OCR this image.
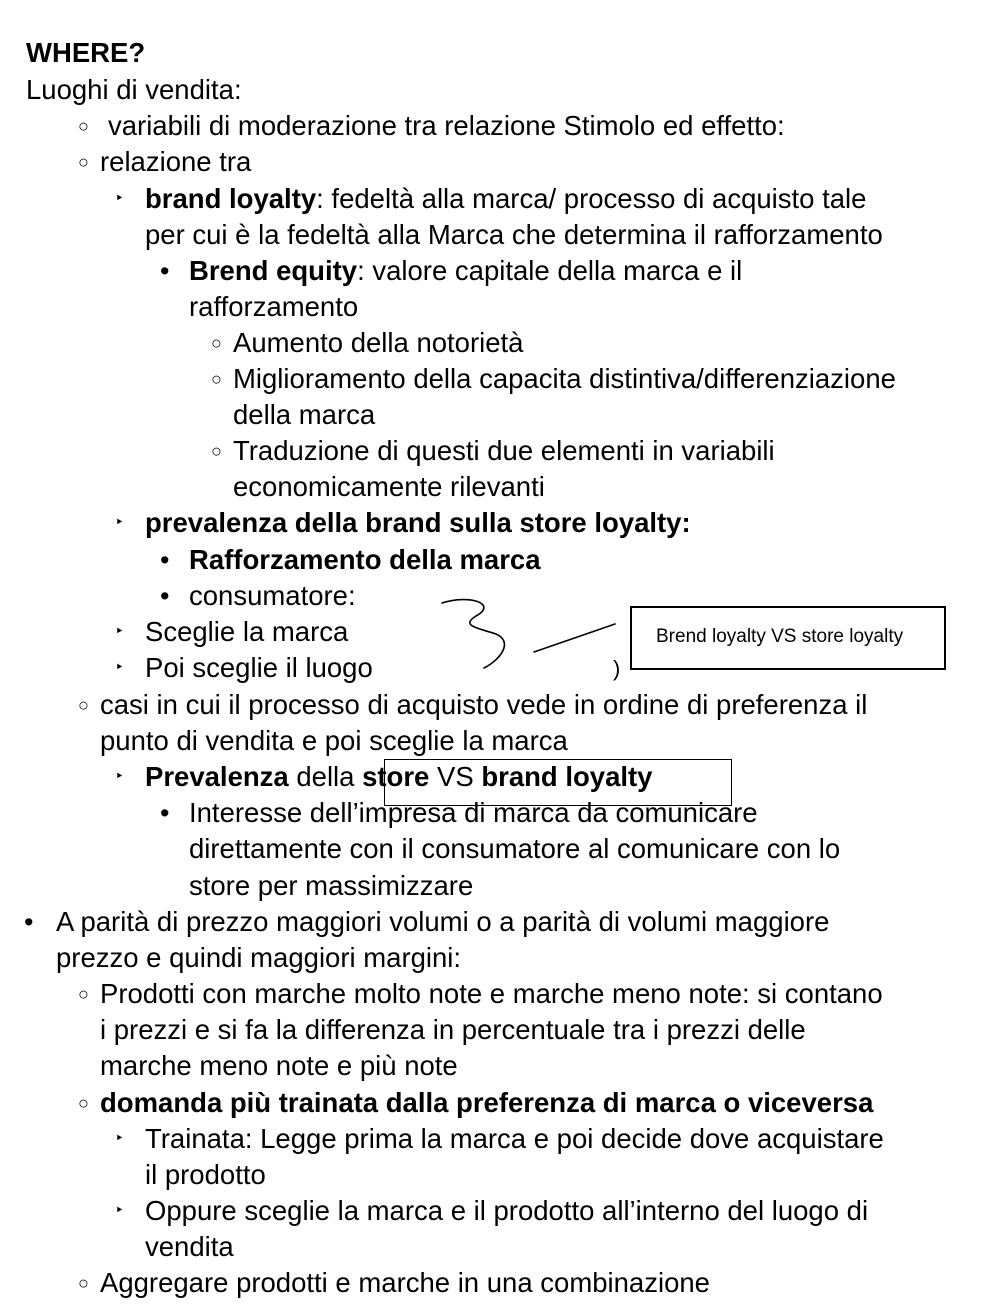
WHERE?
Luoghi di vendita:
variabili di moderazione tra relazione Stimolo ed effetto:
relazione tra
brand loyalty: fedeltà alla marca/ processo di acquisto tale
per cui è la fedeltà alla Marca che determina il rafforzamento
Brend equity: valore capitale della marca e il
rafforzamento
Aumento della notorietà
Miglioramento della capacita distintiva/differenziazione
della marca
Traduzione di questi due elementi in variabili
economicamente rilevanti
prevalenza della brand sulla store loyalty:
Rafforzamento della marca
consumatore:
Sceglie la marca
Poi sceglie il luogo
casi in cui il processo di acquisto vede in ordine di preferenza il
punto di vendita e poi sceglie la marca
Prevalenza della store VS brand loyalty
Interesse dell’impresa di marca da comunicare
direttamente con il consumatore al comunicare con lo
store per massimizzare
A parità di prezzo maggiori volumi o a parità di volumi maggiore
prezzo e quindi maggiori margini:
Prodotti con marche molto note e marche meno note: si contano
i prezzi e si fa la differenza in percentuale tra i prezzi delle
marche meno note e più note
domanda più trainata dalla preferenza di marca o viceversa
Trainata: Legge prima la marca e poi decide dove acquistare
il prodotto
Oppure sceglie la marca e il prodotto all’interno del luogo di
vendita
Aggregare prodotti e marche in una combinazione
○
○
‣
•
○
○
○
‣
•
•
‣
‣
○
‣
•
•
○
○
‣
‣
○
Brend loyalty VS store loyalty
)
